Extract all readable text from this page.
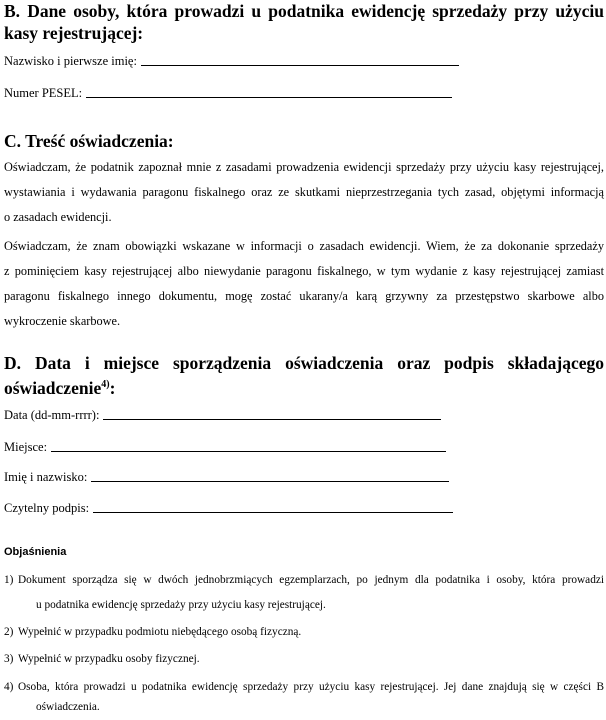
B. Dane osoby, która prowadzi u podatnika ewidencję sprzedaży przy użyciu

kasy rejestrującej:

Nazwisko i pierwsze imię:
Numer PESEL:

C. Treść oświadczenia:

Oświadczam, że podatnik zapoznał mnie z zasadami prowadzenia ewidencji sprzedaży przy użyciu kasy rejestrującej,
wystawiania i wydawania paragonu fiskalnego oraz ze skutkami nieprzestrzegania tych zasad, objętymi informacją
o zasadach ewidencji.
Oświadczam, że znam obowiązki wskazane w informacji o zasadach ewidencji. Wiem, że za dokonanie sprzedaży
z pominięciem kasy rejestrującej albo niewydanie paragonu fiskalnego, w tym wydanie z kasy rejestrującej zamiast
paragonu fiskalnego innego dokumentu, mogę zostać ukarany/a karą grzywny za przestępstwo skarbowe albo
wykroczenie skarbowe.

D. Data i miejsce sporządzenia oświadczenia oraz podpis składającego

oświadczenie$^{4)}$:

Data (dd-mm-rrrr):
Miejsce:
Imię i nazwisko:
Czytelny podpis:
Objaśnienia
1) Dokument sporządza się w dwóch jednobrzmiących egzemplarzach, po jednym dla podatnika i osoby, która prowadzi
u podatnika ewidencję sprzedaży przy użyciu kasy rejestrującej.
2) Wypełnić w przypadku podmiotu niebędącego osobą fizyczną.
3) Wypełnić w przypadku osoby fizycznej.
4) Osoba, która prowadzi u podatnika ewidencję sprzedaży przy użyciu kasy rejestrującej. Jej dane znajdują się w części B
oświadczenia.
